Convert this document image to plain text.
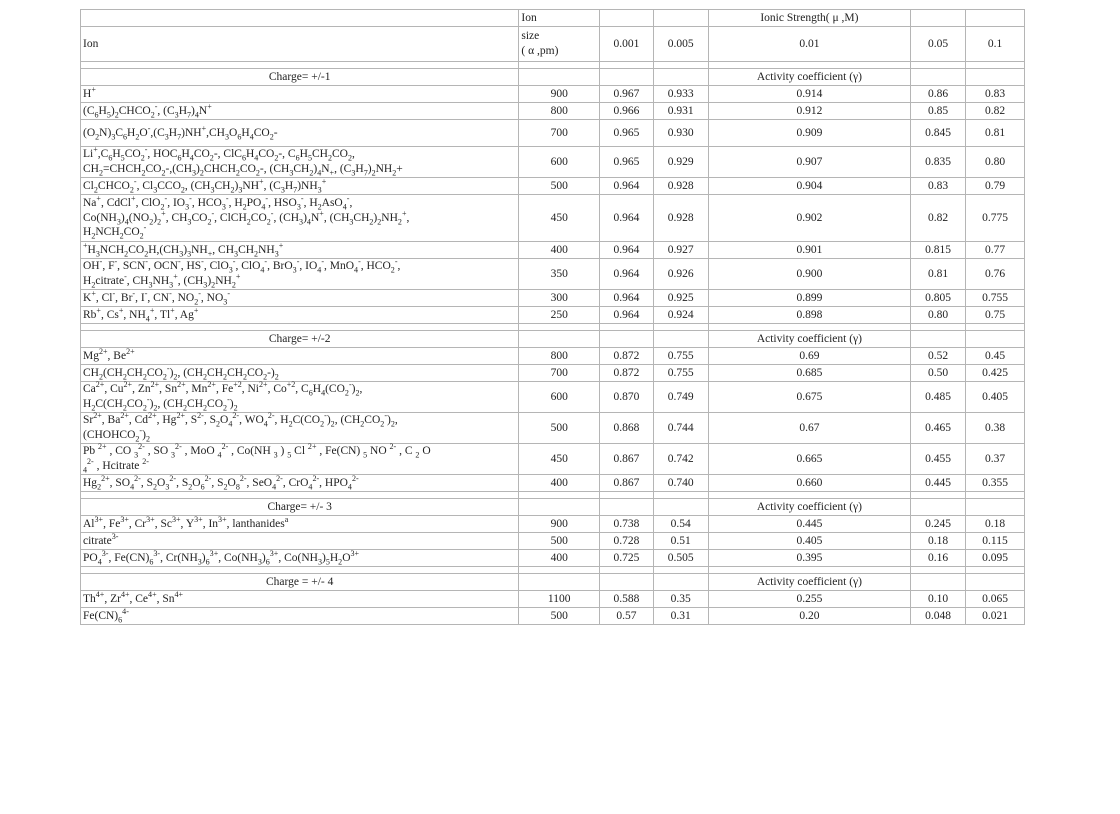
	Ion			Ionic Strength( μ ,M)		
Ion	size
( α ,pm)	0.001	0.005	0.01	0.05	0.1

Charge= +/-1				Activity coefficient (γ)		
H+	900	0.967	0.933	0.914	0.86	0.83
$(C_6H_5)_2CHCO_2^-$, $(C_3H_7)_4N^+$	800	0.966	0.931	0.912	0.85	0.82
$(O_2N)_3C_6H_2O^-,(C_3H_7)NH^+,CH_3O_6H_4CO_2-$	700	0.965	0.930	0.909	0.845	0.81
$Li^+,C_6H_5CO_2^-$, $HOC_6H_4CO_2-$, $ClC_6H_4CO_2-$, $C_6H_5CH_2CO_2$,
$CH_2=CHCH_2CO_2-,(CH_3)_2CHCH_2CO_2-$, $(CH_3CH_2)_4N_+$, $(C_3H_7)_2NH_2+$	600	0.965	0.929	0.907	0.835	0.80
$Cl_2CHCO_2^-$, $Cl_3CCO_2$, $(CH_3CH_2)_3NH^+$, $(C_3H_7)NH_3^+$	500	0.964	0.928	0.904	0.83	0.79
Na+, CdCl+, ClO$_2$-, $IO_3^-$, $HCO_3^-$, $H_2PO_4^-$, $HSO_3^-$, $H_2AsO_4^-$,
$Co(NH_3)_4(NO_2)_2^+$, $CH_3CO_2^-$, $ClCH_2CO_2^-$, $(CH_3)_4N^+$, $(CH_3CH_2)_2NH_2^+$,
$H_2NCH_2CO_2^-$	450	0.964	0.928	0.902	0.82	0.775
$^+H_3NCH_2CO_2H,(CH_3)_3NH_+$, $CH_3CH_2NH_3^+$	400	0.964	0.927	0.901	0.815	0.77
OH-, F-, SCN-, OCN-, HS-, ClO$_3$-, ClO$_4$-, BrO$_3$-, $IO_4^-$, MnO$_4$-, $HCO_2^-$,
$H_2citrate^-$, $CH_3NH_3^+$, $(CH_3)_2NH_2^+$	350	0.964	0.926	0.900	0.81	0.76
K+, Cl-, Br-, I-, CN-, $NO_2^-$, $NO_3^-$	300	0.964	0.925	0.899	0.805	0.755
Rb+, Cs+, $NH_4^+$, Tl+, Ag+	250	0.964	0.924	0.898	0.80	0.75

Charge= +/-2				Activity coefficient (γ)		
$Mg^{2+}$, $Be^{2+}$	800	0.872	0.755	0.69	0.52	0.45
$CH_2(CH_2CH_2CO_2^-)_2$, $(CH_2CH_2CH_2CO_2-)_2$	700	0.872	0.755	0.685	0.50	0.425
$Ca^{2+}$, $Cu^{2+}$, $Zn^{2+}$, $Sn^{2+}$, $Mn^{2+}$, $Fe^{+2}$, $Ni^{2+}$, $Co^{+2}$, $C_6H_4(CO_2^-)_2$,
$H_2C(CH_2CO_2^-)_2$, $(CH_2CH_2CO_2^-)_2$	600	0.870	0.749	0.675	0.485	0.405
$Sr^{2+}$, $Ba^{2+}$, $Cd^{2+}$, $Hg^{2+}$, $S^{2-}$, $S_2O_4^{2-}$, $WO_4^{2-}$, $H_2C(CO_2^-)_2$, $(CH_2CO_2^-)_2$,
$(CHOHCO_2^-)_2$	500	0.868	0.744	0.67	0.465	0.38
Pb $^{2+}$ , CO $_3^{2-}$ , SO $_3^{2-}$ , MoO $_4^{2-}$ , Co(NH $_3$ ) $_5$ Cl $^{2+}$ , Fe(CN) $_5$ NO $^{2-}$ , C $_2$ O
$_4^{2-}$ , Hcitrate $^{2-}$	450	0.867	0.742	0.665	0.455	0.37
$Hg_2^{2+}$, $SO_4^{2-}$, $S_2O_3^{2-}$, $S_2O_6^{2-}$, $S_2O_8^{2-}$, SeO$_4^{2-}$, CrO$_4^{2-}$, $HPO_4^{2-}$	400	0.867	0.740	0.660	0.445	0.355

Charge= +/- 3				Activity coefficient (γ)		
$Al^{3+}$, $Fe^{3+}$, $Cr^{3+}$, $Sc^{3+}$, $Y^{3+}$, $In^{3+}$, lanthanides$^a$	900	0.738	0.54	0.445	0.245	0.18
citrate$^{3-}$	500	0.728	0.51	0.405	0.18	0.115
$PO_4^{3-}$, $Fe(CN)_6^{3-}$, $Cr(NH_3)_6^{3+}$, $Co(NH_3)_6^{3+}$, $Co(NH_3)_5H_2O^{3+}$	400	0.725	0.505	0.395	0.16	0.095

Charge = +/- 4				Activity coefficient (γ)		
$Th^{4+}$, $Zr^{4+}$, $Ce^{4+}$, $Sn^{4+}$	1100	0.588	0.35	0.255	0.10	0.065
$Fe(CN)_6^{4-}$	500	0.57	0.31	0.20	0.048	0.021
